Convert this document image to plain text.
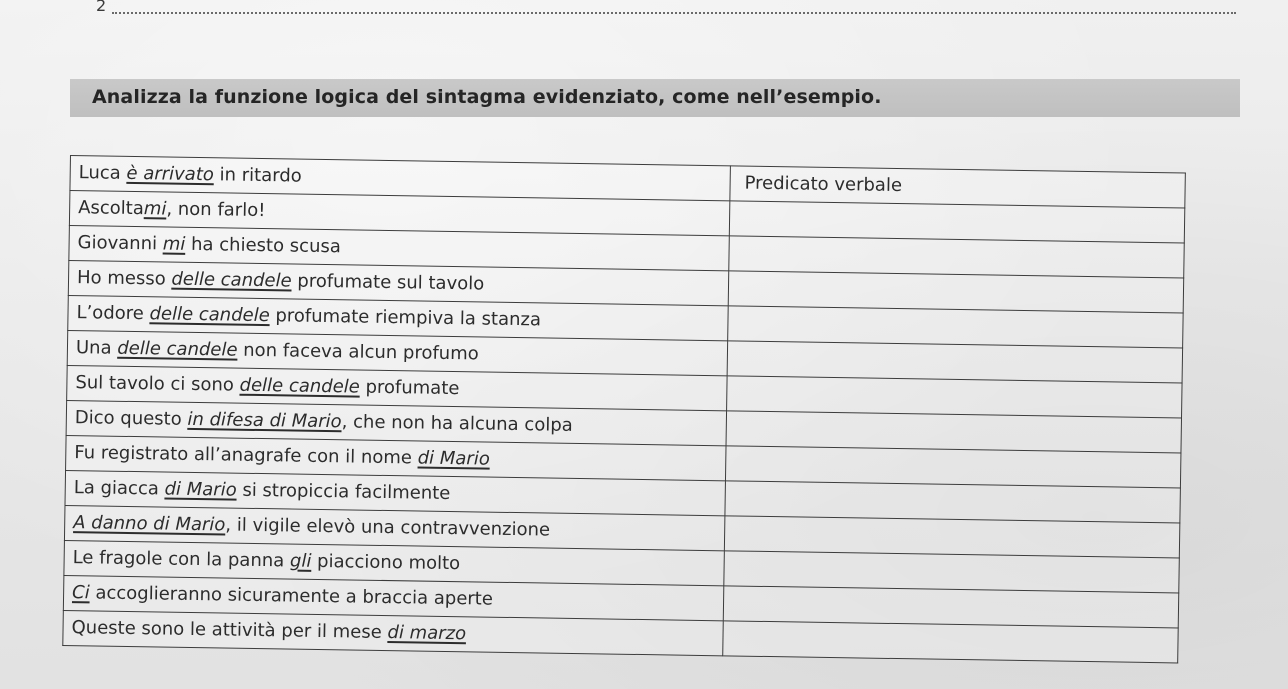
2
Analizza la funzione logica del sintagma evidenziato, come nell’esempio.
Luca è arrivato in ritardo	Predicato verbale
Ascoltami, non farlo!	
Giovanni mi ha chiesto scusa	
Ho messo delle candele profumate sul tavolo	
L’odore delle candele profumate riempiva la stanza	
Una delle candele non faceva alcun profumo	
Sul tavolo ci sono delle candele profumate	
Dico questo in difesa di Mario, che non ha alcuna colpa	
Fu registrato all’anagrafe con il nome di Mario	
La giacca di Mario si stropiccia facilmente	
A danno di Mario, il vigile elevò una contravvenzione	
Le fragole con la panna gli piacciono molto	
Ci accoglieranno sicuramente a braccia aperte	
Queste sono le attività per il mese di marzo	
